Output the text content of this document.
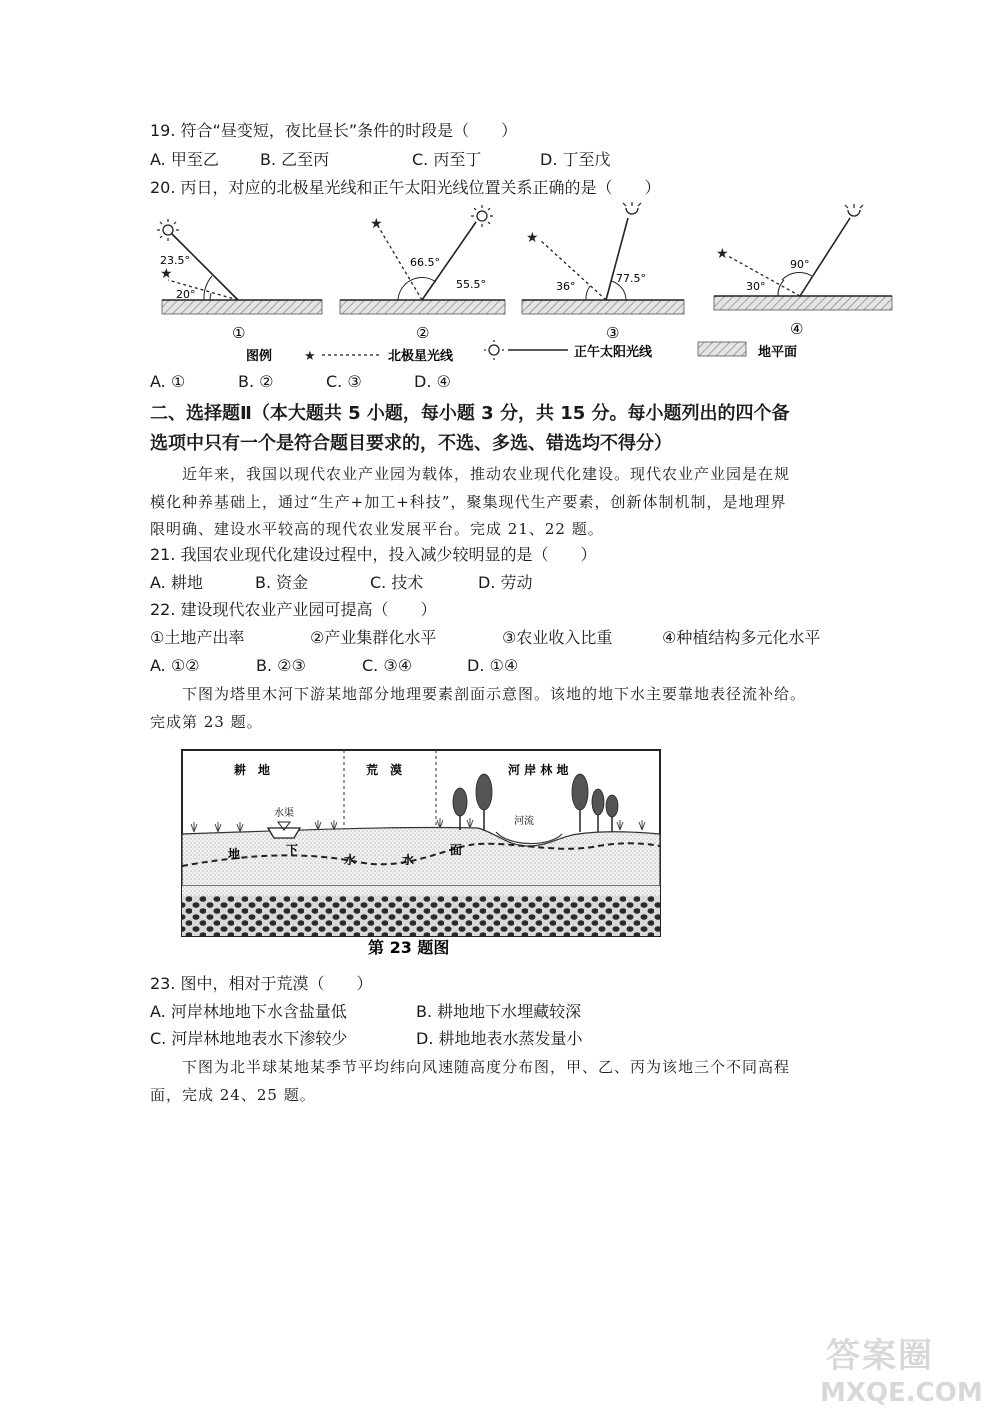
19. 符合“昼变短，夜比昼长”条件的时段是（　　）
A. 甲至乙	B. 乙至丙	C. 丙至丁	D. 丁至戊
20. 丙日，对应的北极星光线和正午太阳光线位置关系正确的是（　　）
★
23.5°
20°
①
★
66.5°
55.5°
②
★
36°
77.5°
③
★
90°
30°
④
图例 ★	北极星光线	正午太阳光线	地平面
A. ①	B. ②	C. ③	D. ④
二、选择题Ⅱ（本大题共 5 小题，每小题 3 分，共 15 分。每小题列出的四个备
选项中只有一个是符合题目要求的，不选、多选、错选均不得分）
近年来，我国以现代农业产业园为载体，推动农业现代化建设。现代农业产业园是在规
模化种养基础上，通过“生产+加工+科技”，聚集现代生产要素，创新体制机制，是地理界
限明确、建设水平较高的现代农业发展平台。完成 21、22 题。
21. 我国农业现代化建设过程中，投入减少较明显的是（　　）
A. 耕地	B. 资金	C. 技术	D. 劳动
22. 建设现代农业产业园可提高（　　）
①土地产出率	②产业集群化水平	③农业收入比重	④种植结构多元化水平
A. ①②	B. ②③	C. ③④	D. ①④
下图为塔里木河下游某地部分地理要素剖面示意图。该地的地下水主要靠地表径流补给。
完成第 23 题。
耕　地	荒　漠	河 岸 林 地
水渠
河流
地	下
水	水
面
第 23 题图
23. 图中，相对于荒漠（　　）
A. 河岸林地地下水含盐量低	B. 耕地地下水埋藏较深
C. 河岸林地地表水下渗较少	D. 耕地地表水蒸发量小
下图为北半球某地某季节平均纬向风速随高度分布图，甲、乙、丙为该地三个不同高程
面，完成 24、25 题。
答案圈
MXQE.COM
